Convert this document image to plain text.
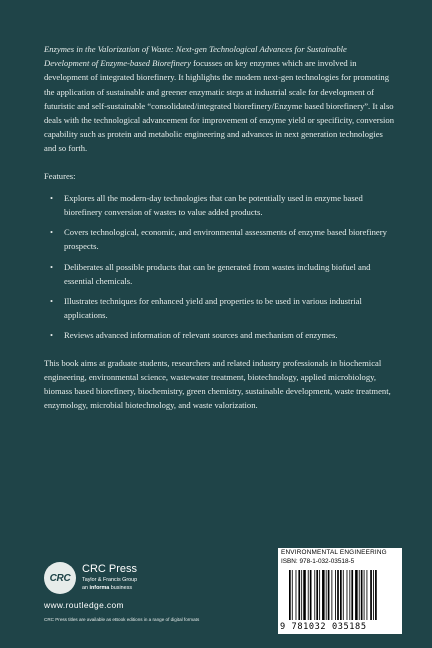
Enzymes in the Valorization of Waste: Next-gen Technological Advances for Sustainable Development of Enzyme-based Biorefinery focusses on key enzymes which are involved in development of integrated biorefinery. It highlights the modern next-gen technologies for promoting the application of sustainable and greener enzymatic steps at industrial scale for development of futuristic and self-sustainable “consolidated/integrated biorefinery/Enzyme based biorefinery”. It also deals with the technological advancement for improvement of enzyme yield or specificity, conversion capability such as protein and metabolic engineering and advances in next generation technologies and so forth.

Features:
• Explores all the modern-day technologies that can be potentially used in enzyme based biorefinery conversion of wastes to value added products.
• Covers technological, economic, and environmental assessments of enzyme based biorefinery prospects.
• Deliberates all possible products that can be generated from wastes including biofuel and essential chemicals.
• Illustrates techniques for enhanced yield and properties to be used in various industrial applications.
• Reviews advanced information of relevant sources and mechanism of enzymes.

This book aims at graduate students, researchers and related industry professionals in biochemical engineering, environmental science, wastewater treatment, biotechnology, applied microbiology, biomass based biorefinery, biochemistry, green chemistry, sustainable development, waste treatment, enzymology, microbial biotechnology, and waste valorization.

CRC
CRC Press
Taylor & Francis Group
an informa business
www.routledge.com
CRC Press titles are available as eBook editions in a range of digital formats
ENVIRONMENTAL ENGINEERING
ISBN: 978-1-032-03518-5
9 781032 035185
